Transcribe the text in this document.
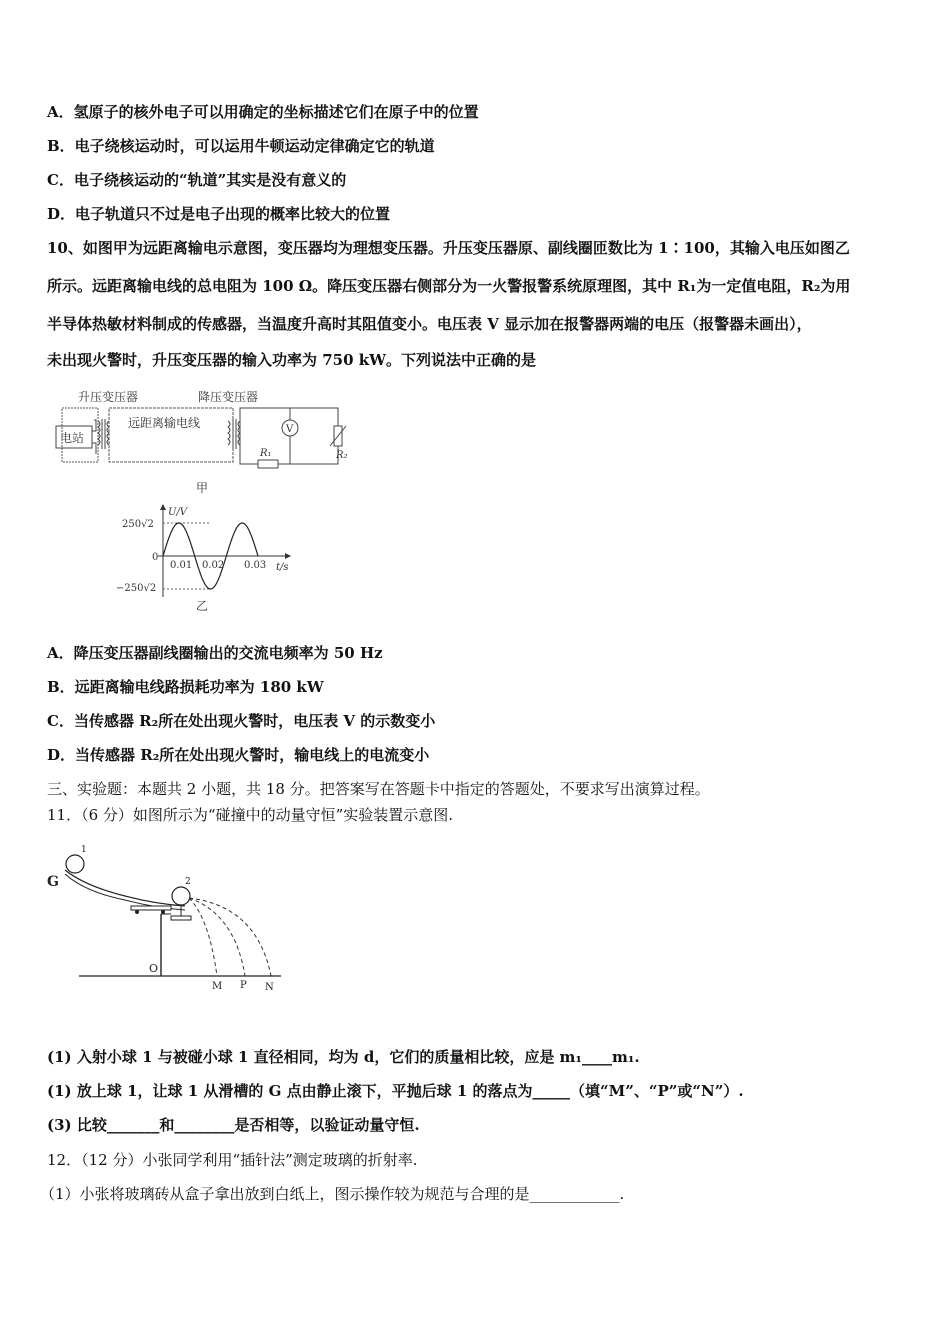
A．氢原子的核外电子可以用确定的坐标描述它们在原子中的位置
B．电子绕核运动时，可以运用牛顿运动定律确定它的轨道
C．电子绕核运动的“轨道”其实是没有意义的
D．电子轨道只不过是电子出现的概率比较大的位置
10、如图甲为远距离输电示意图，变压器均为理想变压器。升压变压器原、副线圈匝数比为 1∶100，其输入电压如图乙
所示。远距离输电线的总电阻为 100 Ω。降压变压器右侧部分为一火警报警系统原理图，其中 R₁为一定值电阻，R₂为用
半导体热敏材料制成的传感器，当温度升高时其阻值变小。电压表 V 显示加在报警器两端的电压（报警器未画出），
未出现火警时，升压变压器的输入功率为 750 kW。下列说法中正确的是
升压变压器	降压变压器
电站
远距离输电线	V
R₁	R₂
甲
U/V
t/s
250√2
−250√2
0
0.01 0.02 0.03
乙
A．降压变压器副线圈输出的交流电频率为 50 Hz
B．远距离输电线路损耗功率为 180 kW
C．当传感器 R₂所在处出现火警时，电压表 V 的示数变小
D．当传感器 R₂所在处出现火警时，输电线上的电流变小
三、实验题：本题共 2 小题，共 18 分。把答案写在答题卡中指定的答题处，不要求写出演算过程。
11．（6 分）如图所示为“碰撞中的动量守恒”实验装置示意图.
G
1
2
O
M P N
(1) 入射小球 1 与被碰小球 1 直径相同，均为 d，它们的质量相比较，应是 m₁____m₁.
(1) 放上球 1，让球 1 从滑槽的 G 点由静止滚下，平抛后球 1 的落点为_____（填“M”、“P”或“N”）.
(3) 比较_______和________是否相等，以验证动量守恒.
12．（12 分）小张同学利用“插针法”测定玻璃的折射率.
（1）小张将玻璃砖从盒子拿出放到白纸上，图示操作较为规范与合理的是____________.
